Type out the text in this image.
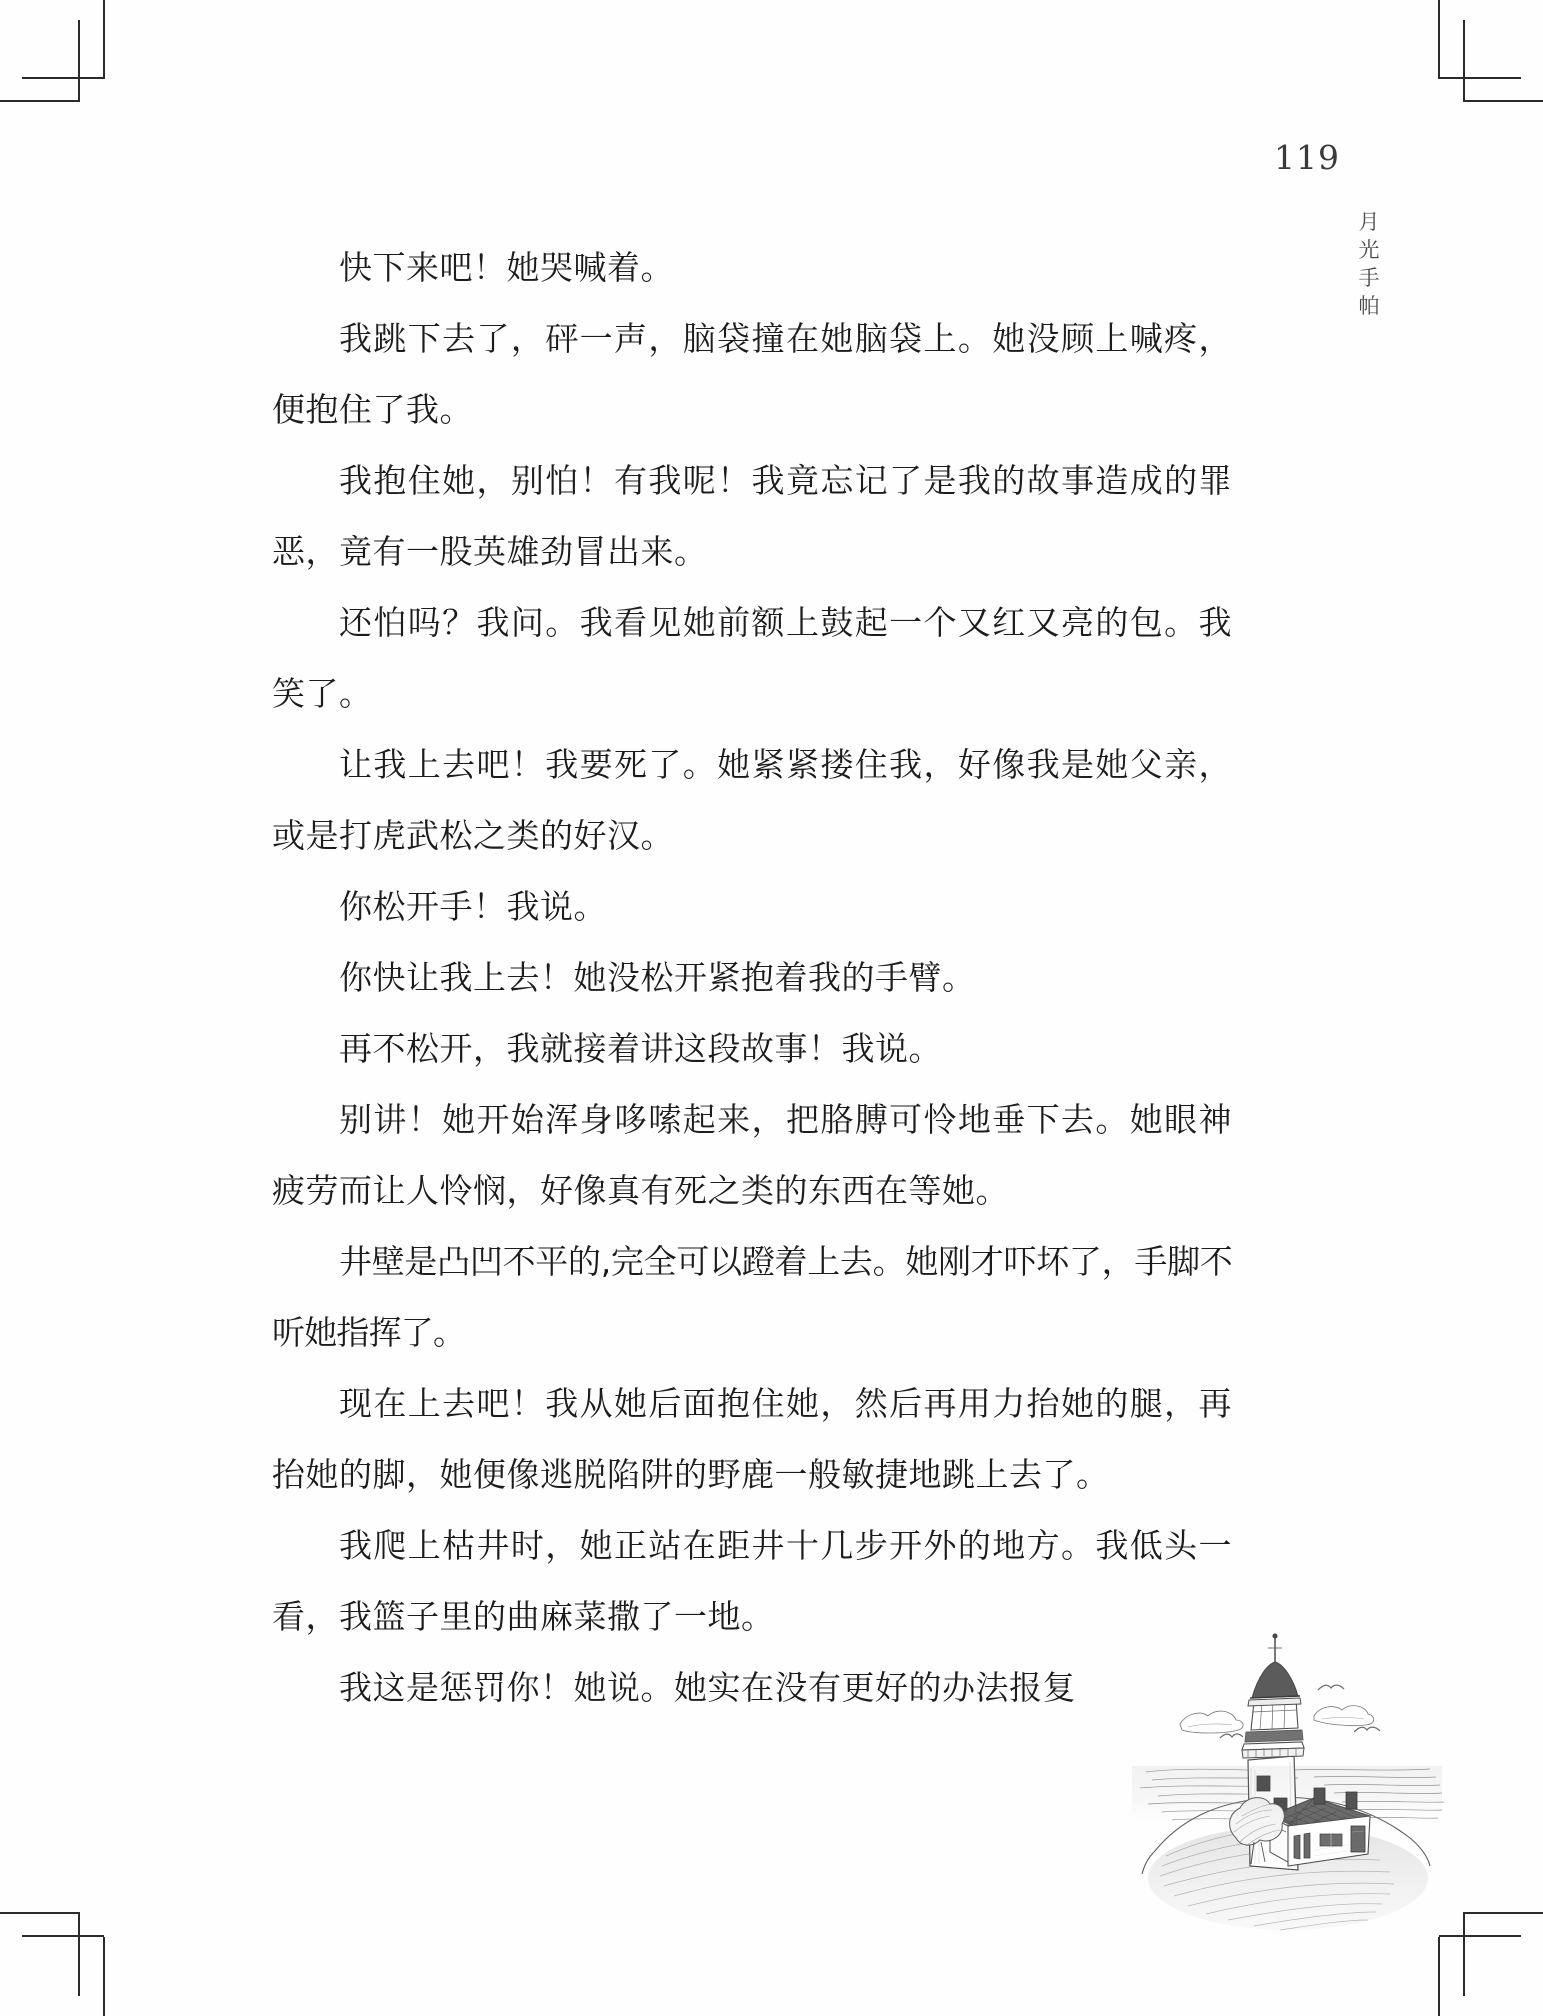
119
月
光
手
帕

快下来吧！她哭喊着。

我跳下去了，砰一声，脑袋撞在她脑袋上。她没顾上喊疼，便抱住了我。

我抱住她，别怕！有我呢！我竟忘记了是我的故事造成的罪恶，竟有一股英雄劲冒出来。

还怕吗？我问。我看见她前额上鼓起一个又红又亮的包。我笑了。

让我上去吧！我要死了。她紧紧搂住我，好像我是她父亲，或是打虎武松之类的好汉。

你松开手！我说。

你快让我上去！她没松开紧抱着我的手臂。

再不松开，我就接着讲这段故事！我说。

别讲！她开始浑身哆嗦起来，把胳膊可怜地垂下去。她眼神疲劳而让人怜悯，好像真有死之类的东西在等她。

井壁是凸凹不平的,完全可以蹬着上去。她刚才吓坏了，手脚不听她指挥了。

现在上去吧！我从她后面抱住她，然后再用力抬她的腿，再抬她的脚，她便像逃脱陷阱的野鹿一般敏捷地跳上去了。

我爬上枯井时，她正站在距井十几步开外的地方。我低头一看，我篮子里的曲麻菜撒了一地。

我这是惩罚你！她说。她实在没有更好的办法报复
